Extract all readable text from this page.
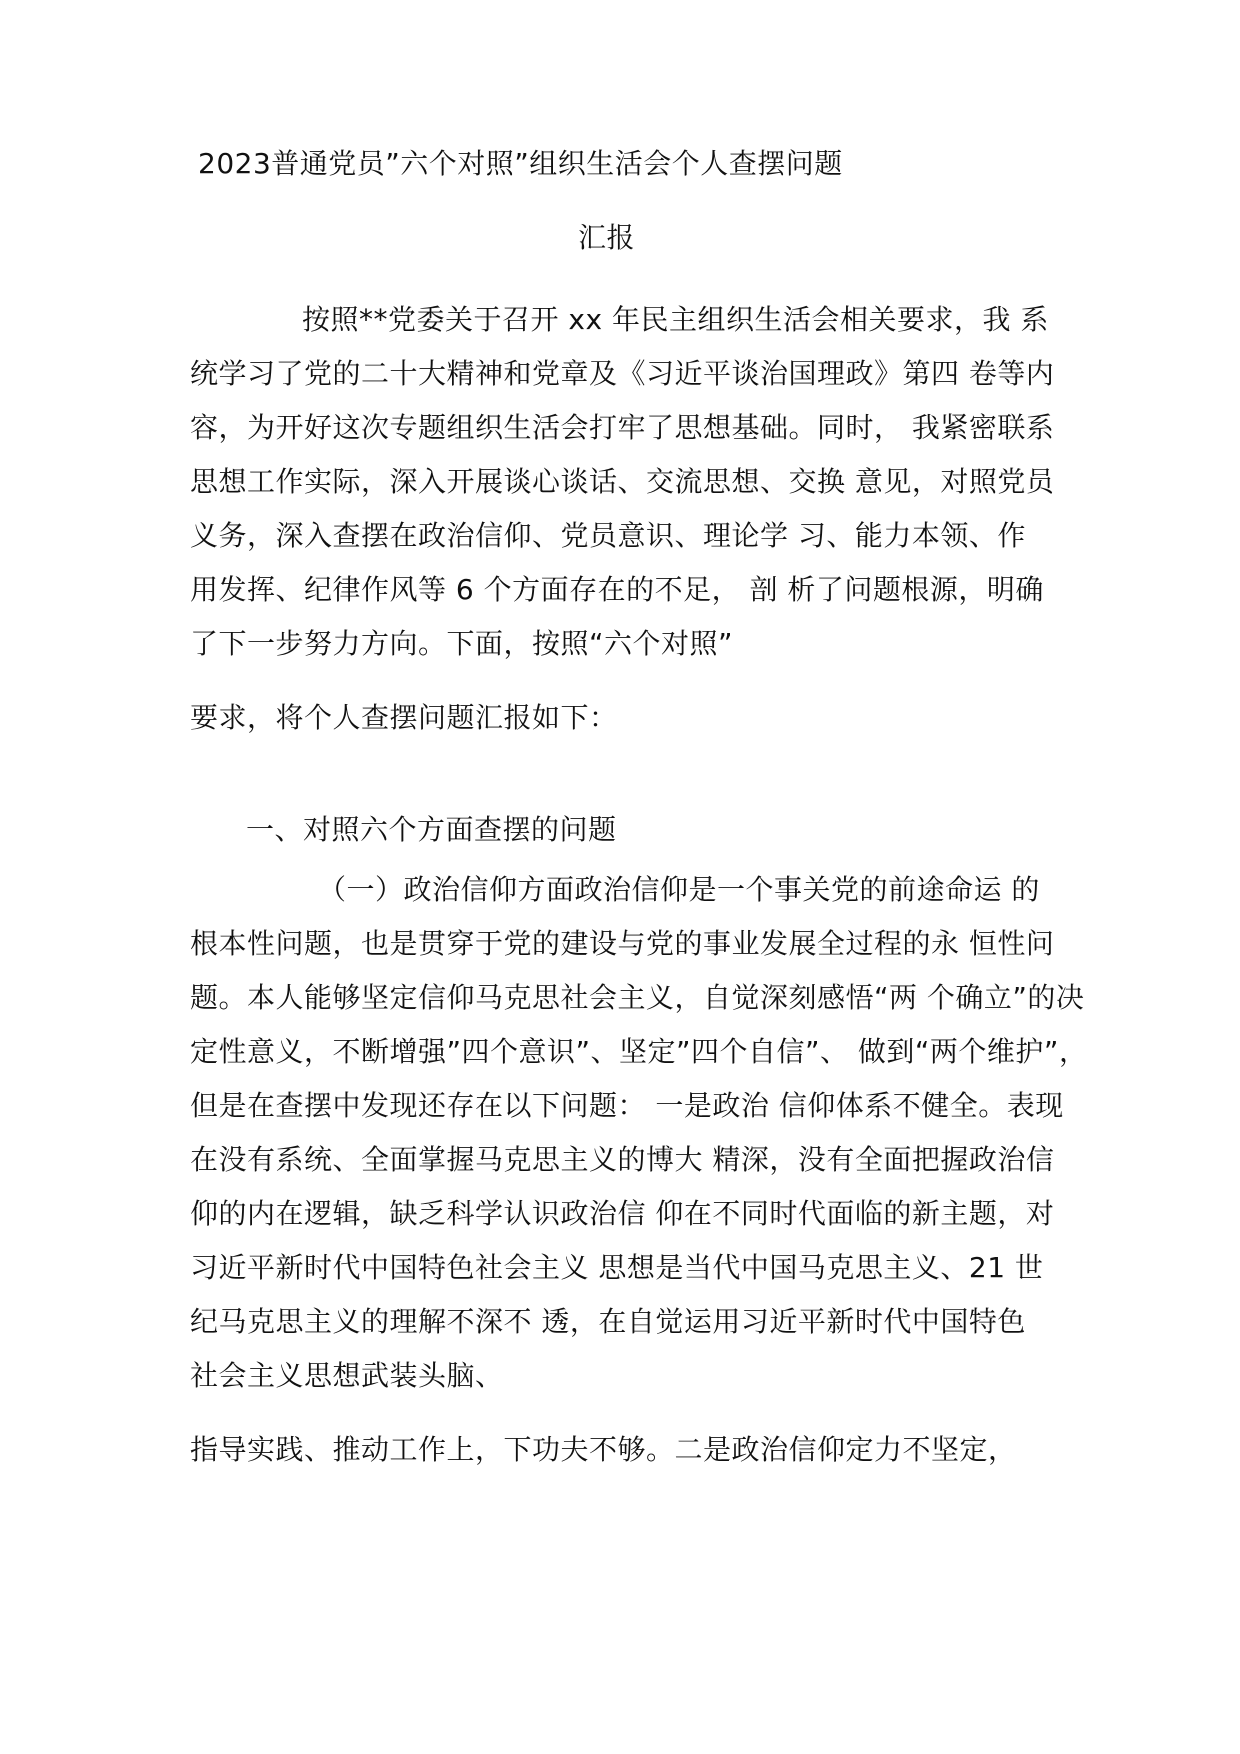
2023普通党员”六个对照”组织生活会个人查摆问题
汇报
按照**党委关于召开 xx 年民主组织生活会相关要求，我 系
统学习了党的二十大精神和党章及《习近平谈治国理政》第四 卷等内
容，为开好这次专题组织生活会打牢了思想基础。同时， 我紧密联系
思想工作实际，深入开展谈心谈话、交流思想、交换 意见，对照党员
义务，深入查摆在政治信仰、党员意识、理论学 习、能力本领、作
用发挥、纪律作风等 6 个方面存在的不足， 剖 析了问题根源，明确
了下一步努力方向。下面，按照“六个对照”
要求，将个人查摆问题汇报如下：
一、对照六个方面查摆的问题
（一）政治信仰方面政治信仰是一个事关党的前途命运 的
根本性问题，也是贯穿于党的建设与党的事业发展全过程的永 恒性问
题。本人能够坚定信仰马克思社会主义，自觉深刻感悟“两 个确立”的决
定性意义，不断增强”四个意识”、坚定”四个自信”、 做到“两个维护”，
但是在查摆中发现还存在以下问题： 一是政治 信仰体系不健全。表现
在没有系统、全面掌握马克思主义的博大 精深，没有全面把握政治信
仰的内在逻辑，缺乏科学认识政治信 仰在不同时代面临的新主题，对
习近平新时代中国特色社会主义 思想是当代中国马克思主义、21 世
纪马克思主义的理解不深不 透，在自觉运用习近平新时代中国特色
社会主义思想武装头脑、
指导实践、推动工作上，下功夫不够。二是政治信仰定力不坚定，
